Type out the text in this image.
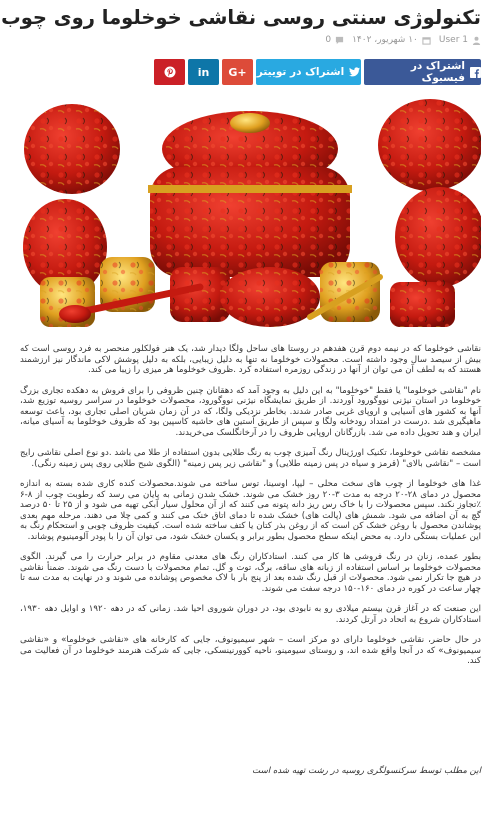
تکنولوژی سنتی روسی نقاشی خوخلوما روی چوب
User 1
۱۰ شهریور، ۱۴۰۲
0
اشتراک در فیسبوک
اشتراک در توییتر
G+
in

نقاشی خوخلوما که در نیمه دوم قرن هفدهم در روستا های ساحل ولگا دیدار شد، یک هنر فولکلور منحصر به فرد روسی است که بیش از سیصد سال وجود داشته است. محصولات خوخلوما نه تنها به دلیل زیبایی، بلکه به دلیل پوشش لاکی ماندگار نیز ارزشمند هستند که به لطف آن می توان از آنها در زندگی روزمره استفاده کرد .ظروف خوخلوما هر میزی را زیبا می کند.

نام "نقاشی خوخلوما" یا فقط "خوخلوما" به این دلیل به وجود آمد که دهقانان چنین ظروفی را برای فروش به دهکده تجاری بزرگ خوخلوما در استان نیژنی نووگورود آوردند. از طریق نمایشگاه نیژنی نووگورود، محصولات خوخلوما در سراسر روسیه توزیع شد، آنها به کشور های آسیایی و اروپای غربی صادر شدند. بخاطر نزدیکی ولگا، که در آن زمان شریان اصلی تجاری بود، باعث توسعه ماهیگیری شد .درست در امتداد رودخانه ولگا و سپس از طریق آستین های حاشیه کاسپین بود که ظروف خوخلوما به آسیای میانه، ایران و هند تحویل داده می شد. بازرگانان اروپایی ظروف را در آرخانگلسک می‌خریدند.

مشخصه نقاشی خوخلوما، تکنیک اورژینال رنگ آمیزی چوب به رنگ طلایی بدون استفاده از طلا می باشد .دو نوع اصلی نقاشی رایج است – "نقاشی بالای" (قرمز و سیاه در پس زمینه طلایی) و "نقاشی زیر پس زمینه" (الگوی شبح طلایی روی پس زمینه رنگی).

غذا های خوخلوما از چوب های سخت محلی – لیپا، اوسینا، توس ساخته می شوند.محصولات کنده کاری شده بسته به اندازه محصول در دمای ۲۸-۲۰ درجه به مدت ۳-۲۰ روز خشک می شوند. خشک شدن زمانی به پایان می رسد که رطوبت چوب از ۸-۶ ٪تجاوز نکند. سپس محصولات را با خاک رس ریز دانه پتونه می کنند که از آن محلول سیار آبکی تهیه می شود و از ۲۵ تا ۵۰ درصد گچ به آن اضافه می شود. شمش های (پالت های) خشک شده تا دمای اتاق خنک می کنند و کمی چلا می دهند. مرحله مهم بعدی پوشاندن محصول با روغن خشک کن است که از روغن بذر کتان یا کتف ساخته شده است. کیفیت ظروف چوبی و استحکام رنگ به این عملیات بستگی دارد. به محض اینکه سطح محصول بطور برابر و یکسان خشک شود، می توان آن را با پودر آلومینیوم پوشاند.

بطور عمده، زنان در رنگ فروشی ها کار می کنند. استادکاران رنگ های معدنی مقاوم در برابر حرارت را می گیرند. الگوی محصولات خوخلوما بر اساس استفاده از زبانه های ساقه، برگ، توت و گل. تمام محصولات با دست رنگ می شوند. ضمنأ نقاشی در هیچ جا تکرار نمی شود. محصولات از قبل رنگ شده بعد از پنج بار با لاک مخصوص پوشانده می شوند و در نهایت به مدت سه تا چهار ساعت در کوره در دمای ۱۶۰-۱۵۰ درجه سفت می شوند.

این صنعت که در آغاز قرن بیستم میلادی رو به نابودی بود، در دوران شوروی احیا شد. زمانی که در دهه ۱۹۲۰ و اوایل دهه ۱۹۳۰، استادکاران شروع به اتحاد در آرتل کردند.

در حال حاضر، نقاشی خوخلوما دارای دو مرکز است – شهر سیمیونوف، جایی که کارخانه های «نقاشی خوخلوما» و «نقاشی سیمیونوف» که در آنجا واقع شده اند، و روستای سیومینو، ناحیه کوورنینسکی، جایی که شرکت هنرمند خوخلوما در آن فعالیت می کند.

این مطلب توسط سرکنسولگری روسیه در رشت تهیه شده است
